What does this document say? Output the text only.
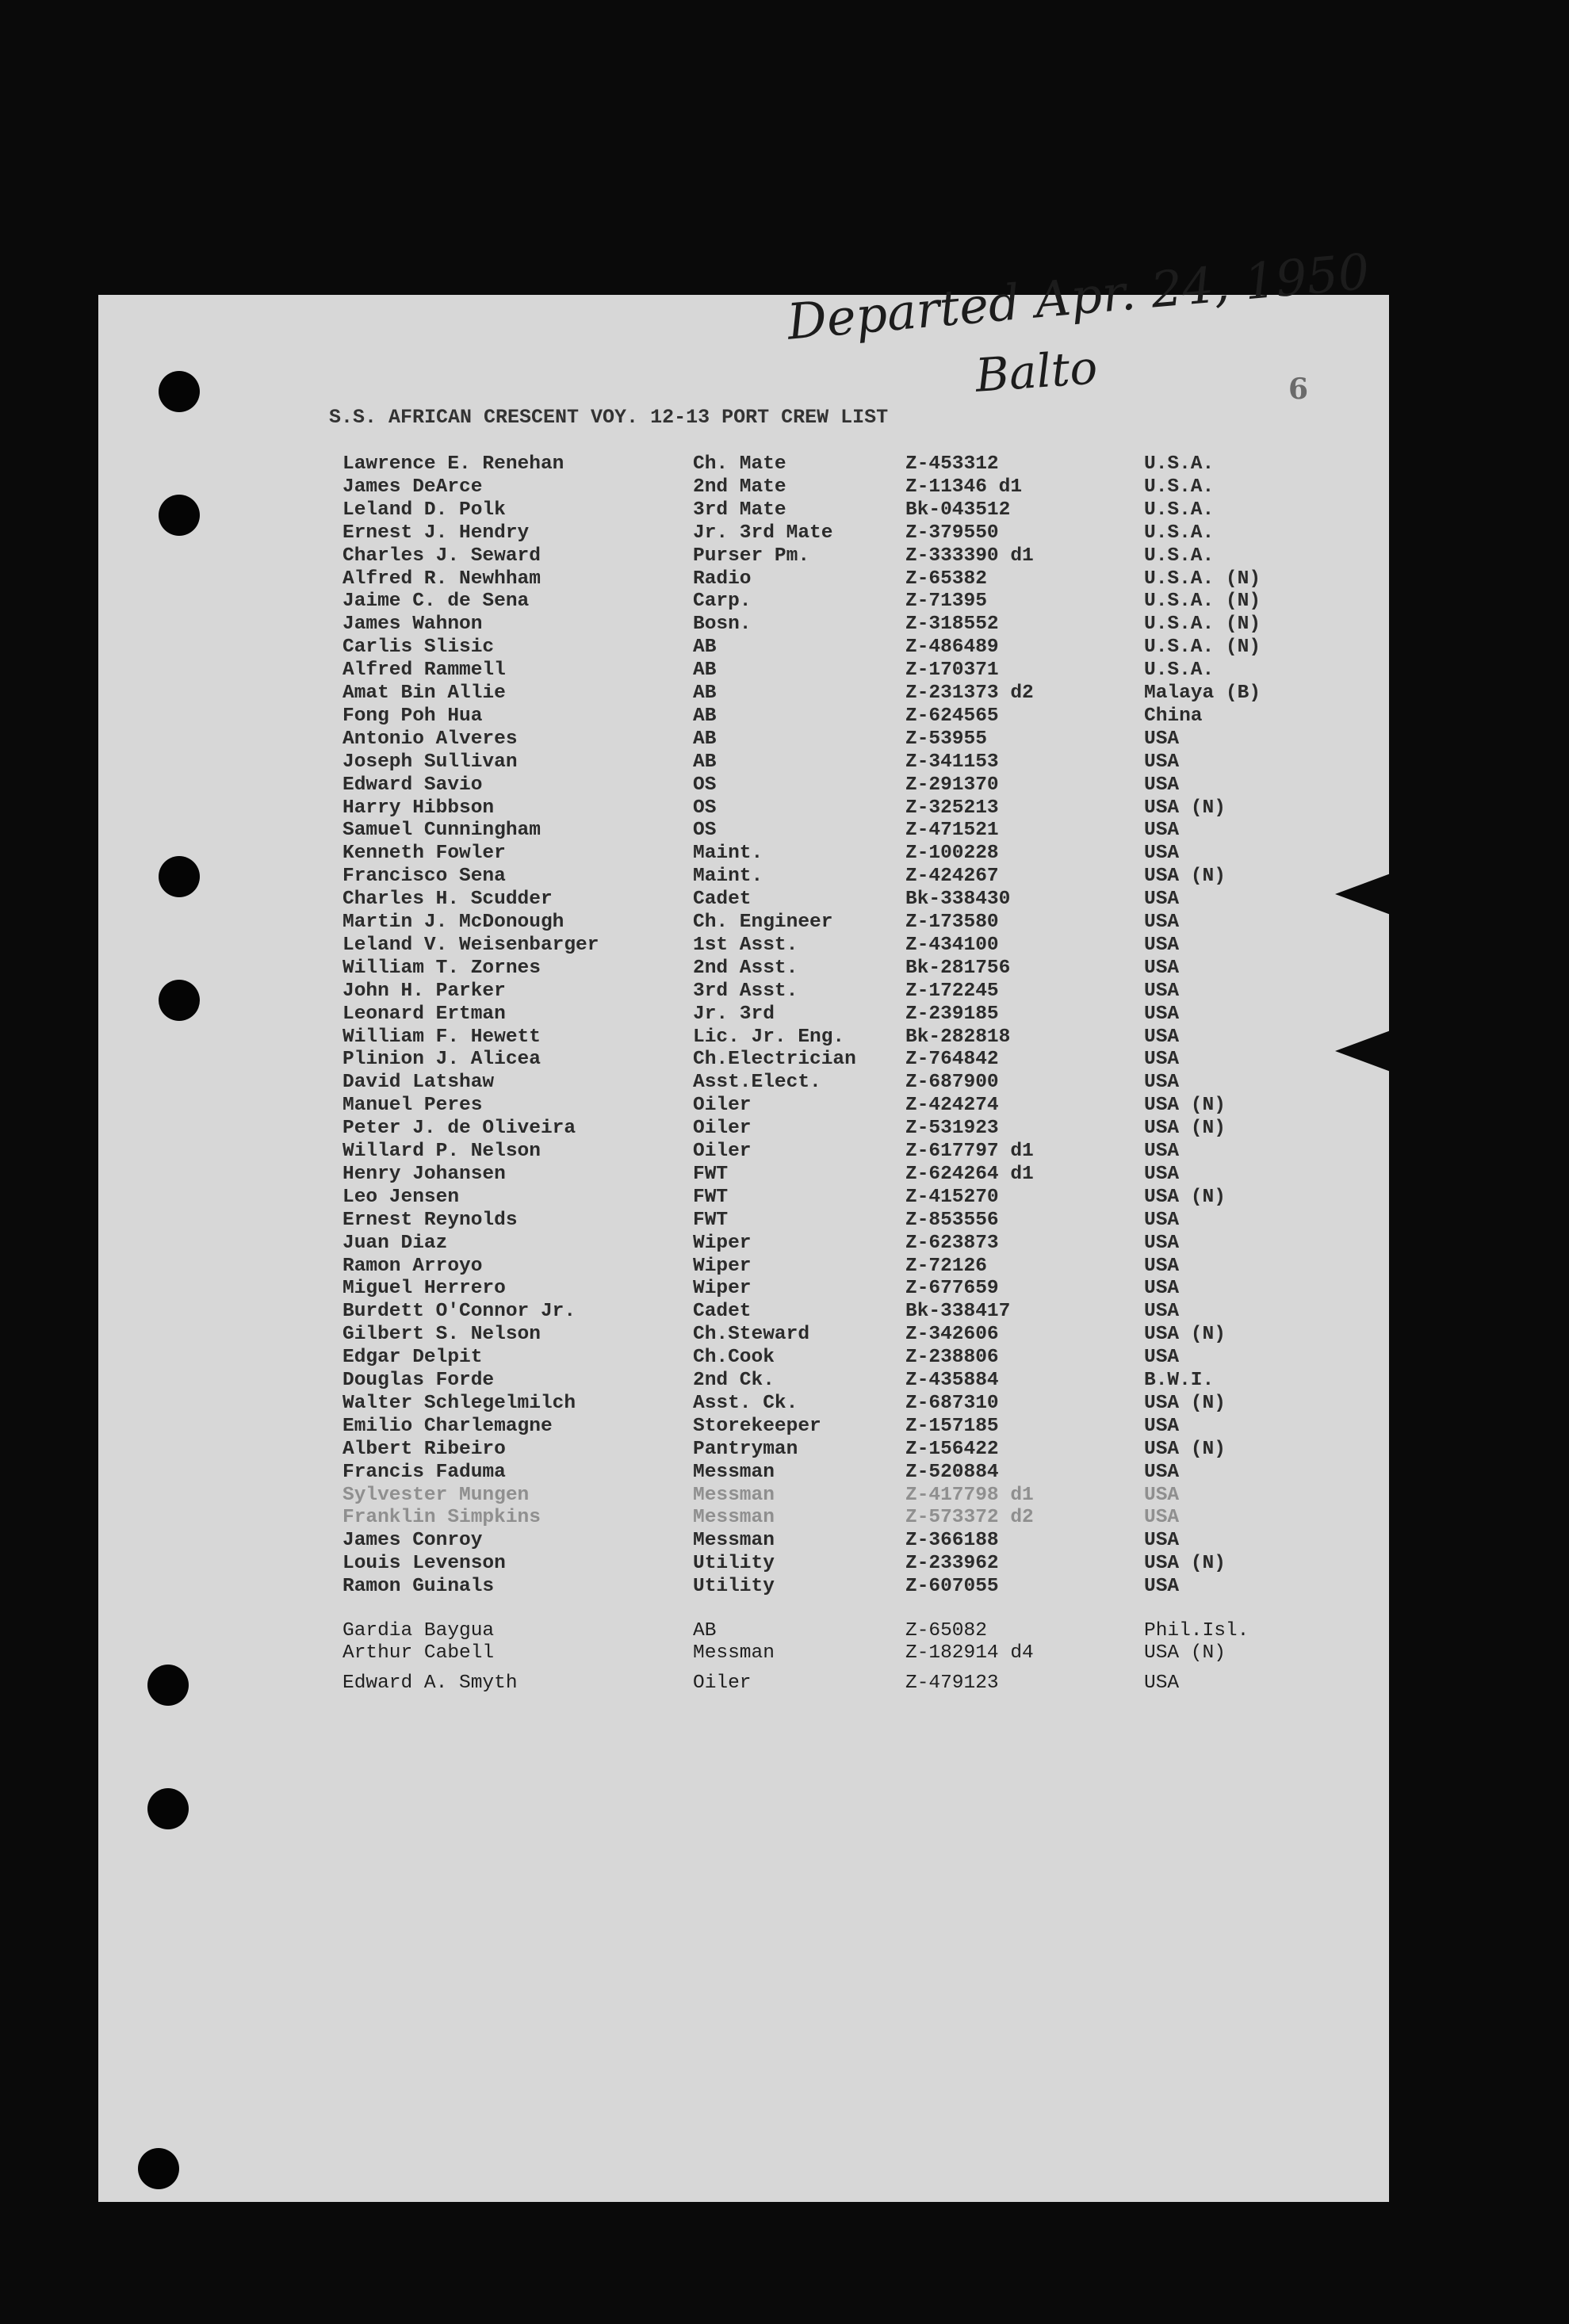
Departed Apr. 24, 1950
Balto	6
S.S. AFRICAN CRESCENT VOY. 12-13 PORT CREW LIST
Lawrence E. Renehan	Ch. Mate	Z-453312	U.S.A.
James DeArce	2nd Mate	Z-11346 d1	U.S.A.
Leland D. Polk	3rd Mate	Bk-043512	U.S.A.
Ernest J. Hendry	Jr. 3rd Mate	Z-379550	U.S.A.
Charles J. Seward	Purser Pm.	Z-333390 d1	U.S.A.
Alfred R. Newhham	Radio	Z-65382	U.S.A. (N)
Jaime C. de Sena	Carp.	Z-71395	U.S.A. (N)
James Wahnon	Bosn.	Z-318552	U.S.A. (N)
Carlis Slisic	AB	Z-486489	U.S.A. (N)
Alfred Rammell	AB	Z-170371	U.S.A.
Amat Bin Allie	AB	Z-231373 d2	Malaya (B)
Fong Poh Hua	AB	Z-624565	China
Antonio Alveres	AB	Z-53955	USA
Joseph Sullivan	AB	Z-341153	USA
Edward Savio	OS	Z-291370	USA
Harry Hibbson	OS	Z-325213	USA (N)
Samuel Cunningham	OS	Z-471521	USA
Kenneth Fowler	Maint.	Z-100228	USA
Francisco Sena	Maint.	Z-424267	USA (N)
Charles H. Scudder	Cadet	Bk-338430	USA
Martin J. McDonough	Ch. Engineer	Z-173580	USA
Leland V. Weisenbarger	1st Asst.	Z-434100	USA
William T. Zornes	2nd Asst.	Bk-281756	USA
John H. Parker	3rd Asst.	Z-172245	USA
Leonard Ertman	Jr. 3rd	Z-239185	USA
William F. Hewett	Lic. Jr. Eng.	Bk-282818	USA
Plinion J. Alicea	Ch.Electrician	Z-764842	USA
David Latshaw	Asst.Elect.	Z-687900	USA
Manuel Peres	Oiler	Z-424274	USA (N)
Peter J. de Oliveira	Oiler	Z-531923	USA (N)
Willard P. Nelson	Oiler	Z-617797 d1	USA
Henry Johansen	FWT	Z-624264 d1	USA
Leo Jensen	FWT	Z-415270	USA (N)
Ernest Reynolds	FWT	Z-853556	USA
Juan Diaz	Wiper	Z-623873	USA
Ramon Arroyo	Wiper	Z-72126	USA
Miguel Herrero	Wiper	Z-677659	USA
Burdett O'Connor Jr.	Cadet	Bk-338417	USA
Gilbert S. Nelson	Ch.Steward	Z-342606	USA (N)
Edgar Delpit	Ch.Cook	Z-238806	USA
Douglas Forde	2nd Ck.	Z-435884	B.W.I.
Walter Schlegelmilch	Asst. Ck.	Z-687310	USA (N)
Emilio Charlemagne	Storekeeper	Z-157185	USA
Albert Ribeiro	Pantryman	Z-156422	USA (N)
Francis Faduma	Messman	Z-520884	USA
Sylvester Mungen	Messman	Z-417798 d1	USA
Franklin Simpkins	Messman	Z-573372 d2	USA
James Conroy	Messman	Z-366188	USA
Louis Levenson	Utility	Z-233962	USA (N)
Ramon Guinals	Utility	Z-607055	USA
Gardia Baygua	AB	Z-65082	Phil.Isl.
Arthur Cabell	Messman	Z-182914 d4	USA (N)
Edward A. Smyth	Oiler	Z-479123	USA
